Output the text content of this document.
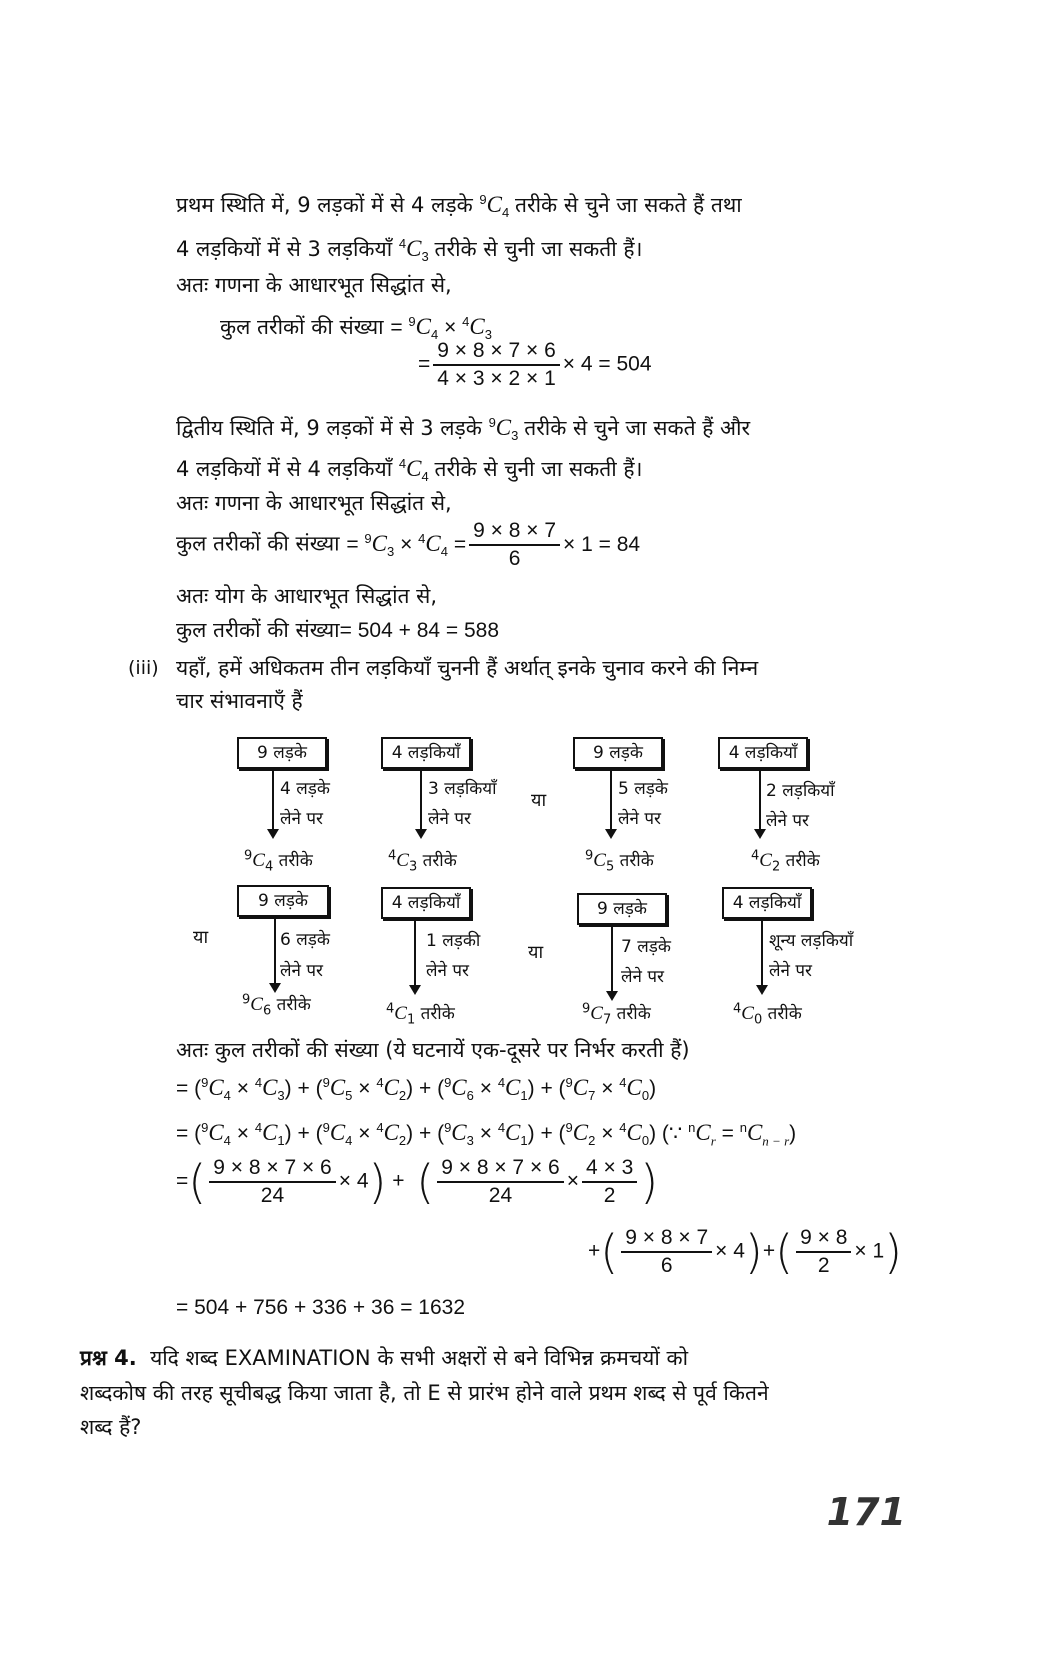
प्रथम स्थिति में, 9 लड़कों में से 4 लड़के $^9C_4$ तरीके से चुने जा सकते हैं तथा
4 लड़कियों में से 3 लड़कियाँ $^4C_3$ तरीके से चुनी जा सकती हैं।
अतः गणना के आधारभूत सिद्धांत से,
कुल तरीकों की संख्या = $^9C_4 \times ^4C_3$
= $\frac{9 \times 8 \times 7 \times 6}{4 \times 3 \times 2 \times 1} \times 4 = 504$
द्वितीय स्थिति में, 9 लड़कों में से 3 लड़के $^9C_3$ तरीके से चुने जा सकते हैं और
4 लड़कियों में से 4 लड़कियाँ $^4C_4$ तरीके से चुनी जा सकती हैं।
अतः गणना के आधारभूत सिद्धांत से,
कुल तरीकों की संख्या = $^9C_3 \times ^4C_4 = \frac{9 \times 8 \times 7}{6} \times 1 = 84$
अतः योग के आधारभूत सिद्धांत से,
कुल तरीकों की संख्या= 504 + 84 = 588
(iii) यहाँ, हमें अधिकतम तीन लड़कियाँ चुननी हैं अर्थात् इनके चुनाव करने की निम्न
चार संभावनाएँ हैं
9 लड़के
4 लड़के
लेने पर
$^9C_4$ तरीके
4 लड़कियाँ
3 लड़कियाँ
लेने पर
$^4C_3$ तरीके
या
9 लड़के
5 लड़के
लेने पर
$^9C_5$ तरीके
4 लड़कियाँ
2 लड़कियाँ
लेने पर
$^4C_2$ तरीके
या
9 लड़के
6 लड़के
लेने पर
$^9C_6$ तरीके
4 लड़कियाँ
1 लड़की
लेने पर
$^4C_1$ तरीके
या
9 लड़के
7 लड़के
लेने पर
$^9C_7$ तरीके
4 लड़कियाँ
शून्य लड़कियाँ
लेने पर
$^4C_0$ तरीके
अतः कुल तरीकों की संख्या (ये घटनायें एक-दूसरे पर निर्भर करती हैं)
= $(^9C_4 \times ^4C_3) + (^9C_5 \times ^4C_2) + (^9C_6 \times ^4C_1) + (^9C_7 \times ^4C_0)$
= $(^9C_4 \times ^4C_1) + (^9C_4 \times ^4C_2) + (^9C_3 \times ^4C_1) + (^9C_2 \times ^4C_0)$ (∵ $^nC_r = ^nC_{n - r}$)
=( $\frac{9 \times 8 \times 7 \times 6}{24} \times 4$) +  ( $\frac{9 \times 8 \times 7 \times 6}{24} \times \frac{4 \times 3}{2}$ )
+( $\frac{9 \times 8 \times 7}{6} \times 4)+( \frac{9 \times 8}{2} \times 1)$
= 504 + 756 + 336 + 36 = 1632
प्रश्न 4. यदि शब्द EXAMINATION के सभी अक्षरों से बने विभिन्न क्रमचयों को
शब्दकोष की तरह सूचीबद्ध किया जाता है, तो E से प्रारंभ होने वाले प्रथम शब्द से पूर्व कितने
शब्द हैं?
171
